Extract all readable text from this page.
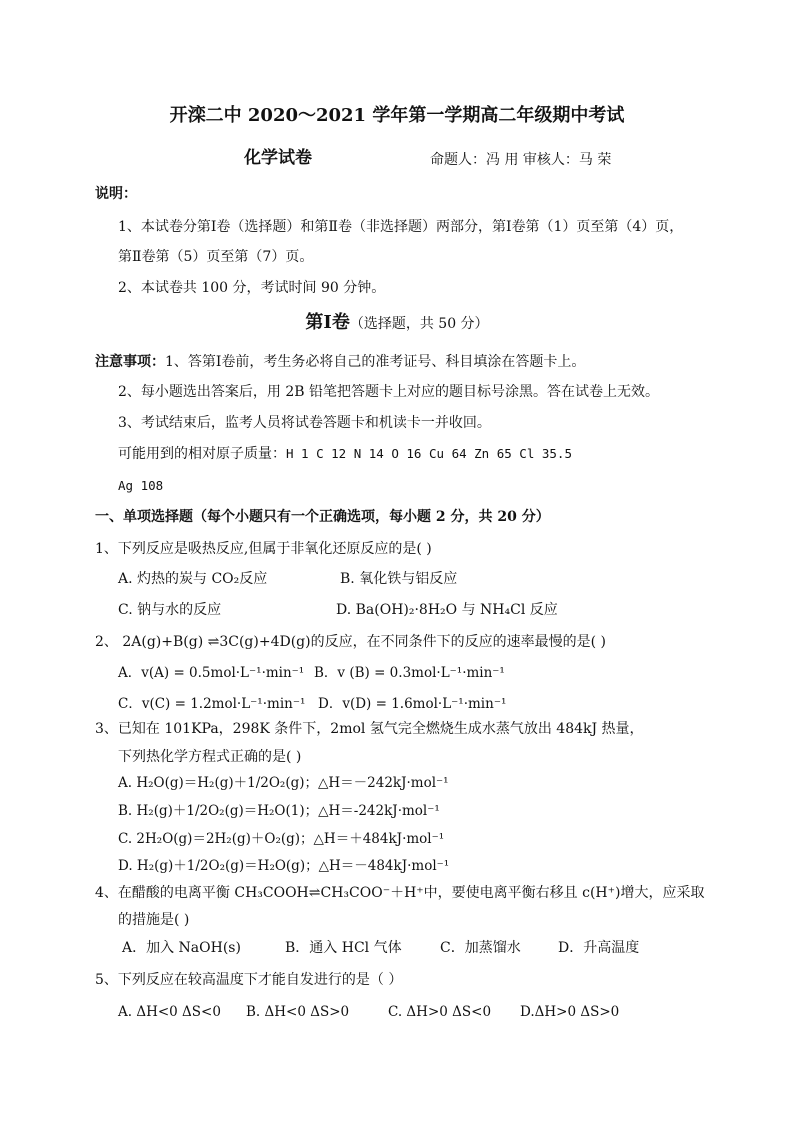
开滦二中 2020～2021 学年第一学期高二年级期中考试
化学试卷	命题人：冯 用 审核人：马 荣
说明：
1、本试卷分第Ⅰ卷（选择题）和第Ⅱ卷（非选择题）两部分，第Ⅰ卷第（1）页至第（4）页，
第Ⅱ卷第（5）页至第（7）页。
2、本试卷共 100 分，考试时间 90 分钟。
第Ⅰ卷（选择题，共 50 分）
注意事项：1、答第Ⅰ卷前，考生务必将自己的准考证号、科目填涂在答题卡上。
2、每小题选出答案后，用 2B 铅笔把答题卡上对应的题目标号涂黑。答在试卷上无效。
3、考试结束后，监考人员将试卷答题卡和机读卡一并收回。
可能用到的相对原子质量：H 1 C 12 N 14 O 16 Cu 64 Zn 65 Cl 35.5
Ag 108
一、单项选择题（每个小题只有一个正确选项，每小题 2 分，共 20 分）
1、下列反应是吸热反应,但属于非氧化还原反应的是( )
A. 灼热的炭与 CO₂反应	B. 氧化铁与铝反应
C. 钠与水的反应	D. Ba(OH)₂·8H₂O 与 NH₄Cl 反应
2、 2A(g)+B(g) ⇌3C(g)+4D(g)的反应，在不同条件下的反应的速率最慢的是( )
A．v(A) = 0.5mol·L⁻¹·min⁻¹ B．v (B) = 0.3mol·L⁻¹·min⁻¹
C．v(C) = 1.2mol·L⁻¹·min⁻¹ D．v(D) = 1.6mol·L⁻¹·min⁻¹
3、已知在 101KPa，298K 条件下，2mol 氢气完全燃烧生成水蒸气放出 484kJ 热量，
下列热化学方程式正确的是( )
A. H₂O(g)＝H₂(g)＋1/2O₂(g)；△H＝－242kJ·mol⁻¹
B. H₂(g)＋1/2O₂(g)＝H₂O(1)；△H＝-242kJ·mol⁻¹
C. 2H₂O(g)＝2H₂(g)＋O₂(g)；△H＝＋484kJ·mol⁻¹
D. H₂(g)＋1/2O₂(g)＝H₂O(g)；△H＝－484kJ·mol⁻¹
4、在醋酸的电离平衡 CH₃COOH⇌CH₃COO⁻＋H⁺中，要使电离平衡右移且 c(H⁺)增大，应采取
的措施是( )
A．加入 NaOH(s)	B．通入 HCl 气体	C．加蒸馏水	D．升高温度
5、下列反应在较高温度下才能自发进行的是（ ）
A. ΔH<0 ΔS<0 B. ΔH<0 ΔS>0	C. ΔH>0 ΔS<0 D.ΔH>0 ΔS>0
